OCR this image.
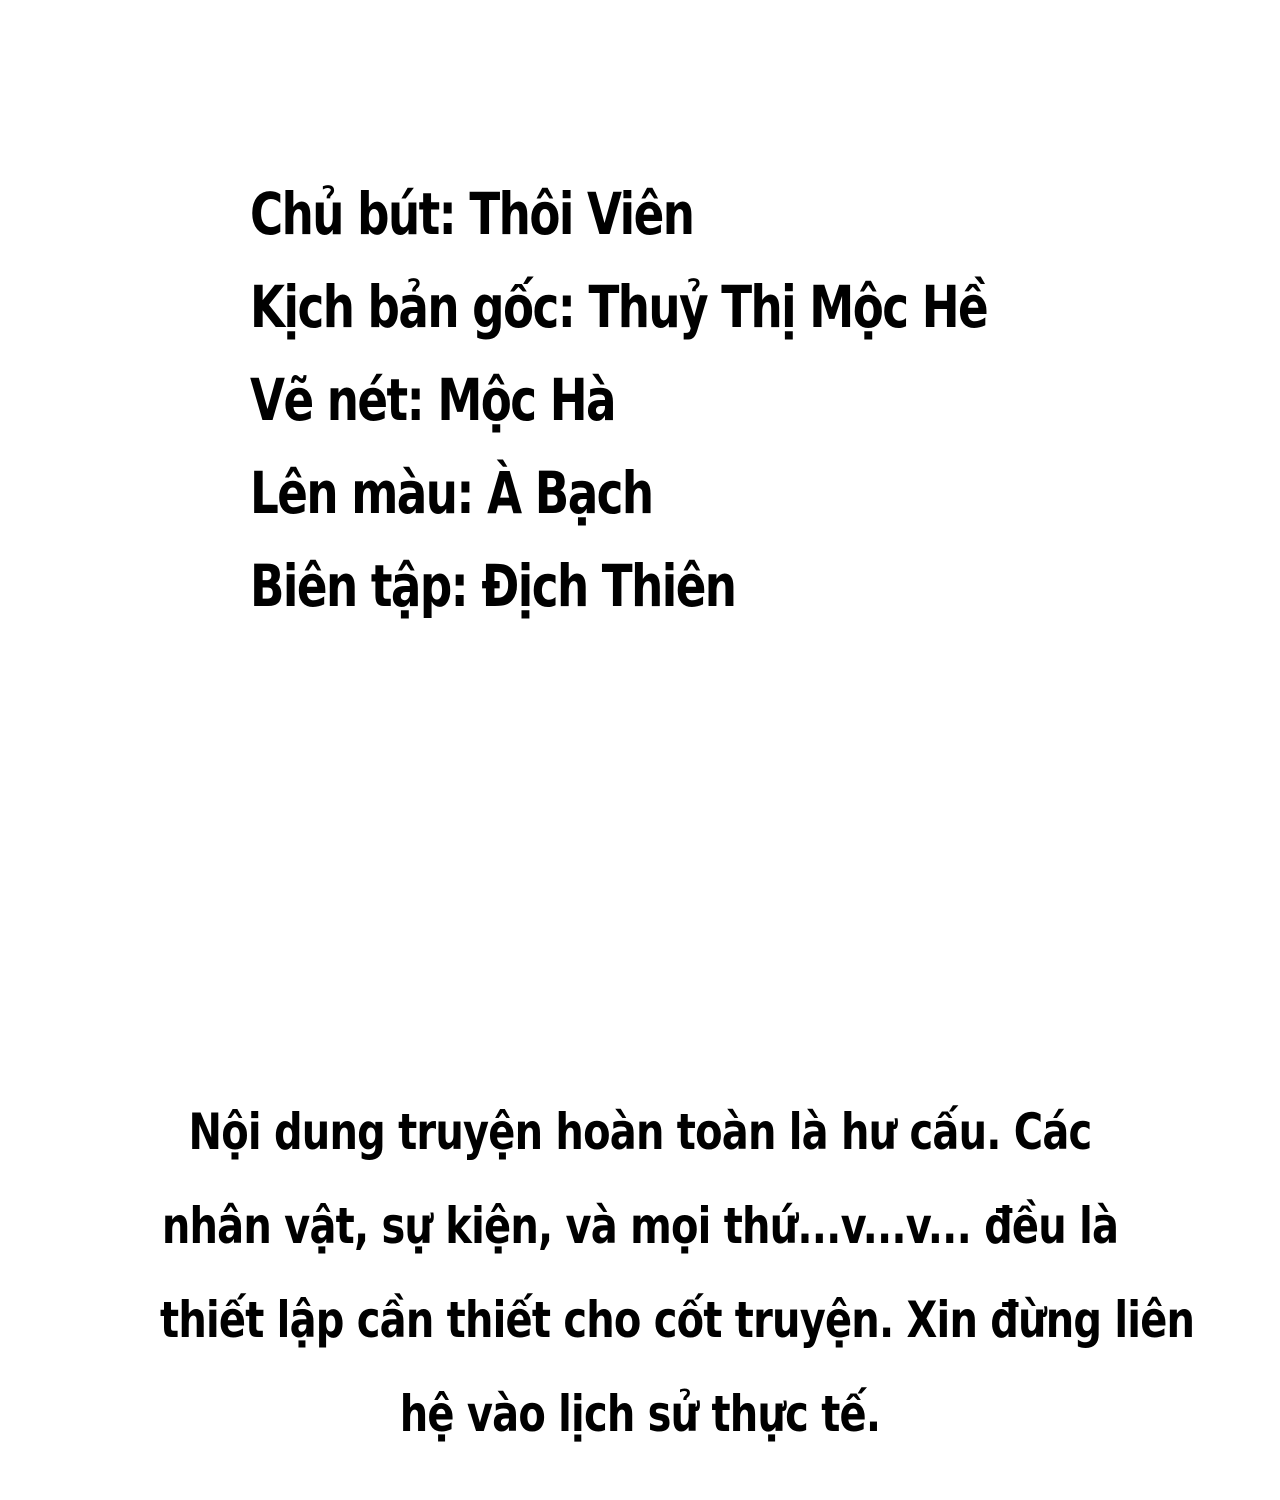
Chủ bút: Thôi Viên
Kịch bản gốc: Thuỷ Thị Mộc Hề
Vẽ nét: Mộc Hà
Lên màu: À Bạch
Biên tập: Địch Thiên
Nội dung truyện hoàn toàn là hư cấu. Các
nhân vật, sự kiện, và mọi thứ...v...v... đều là
thiết lập cần thiết cho cốt truyện. Xin đừng liên
hệ vào lịch sử thực tế.
